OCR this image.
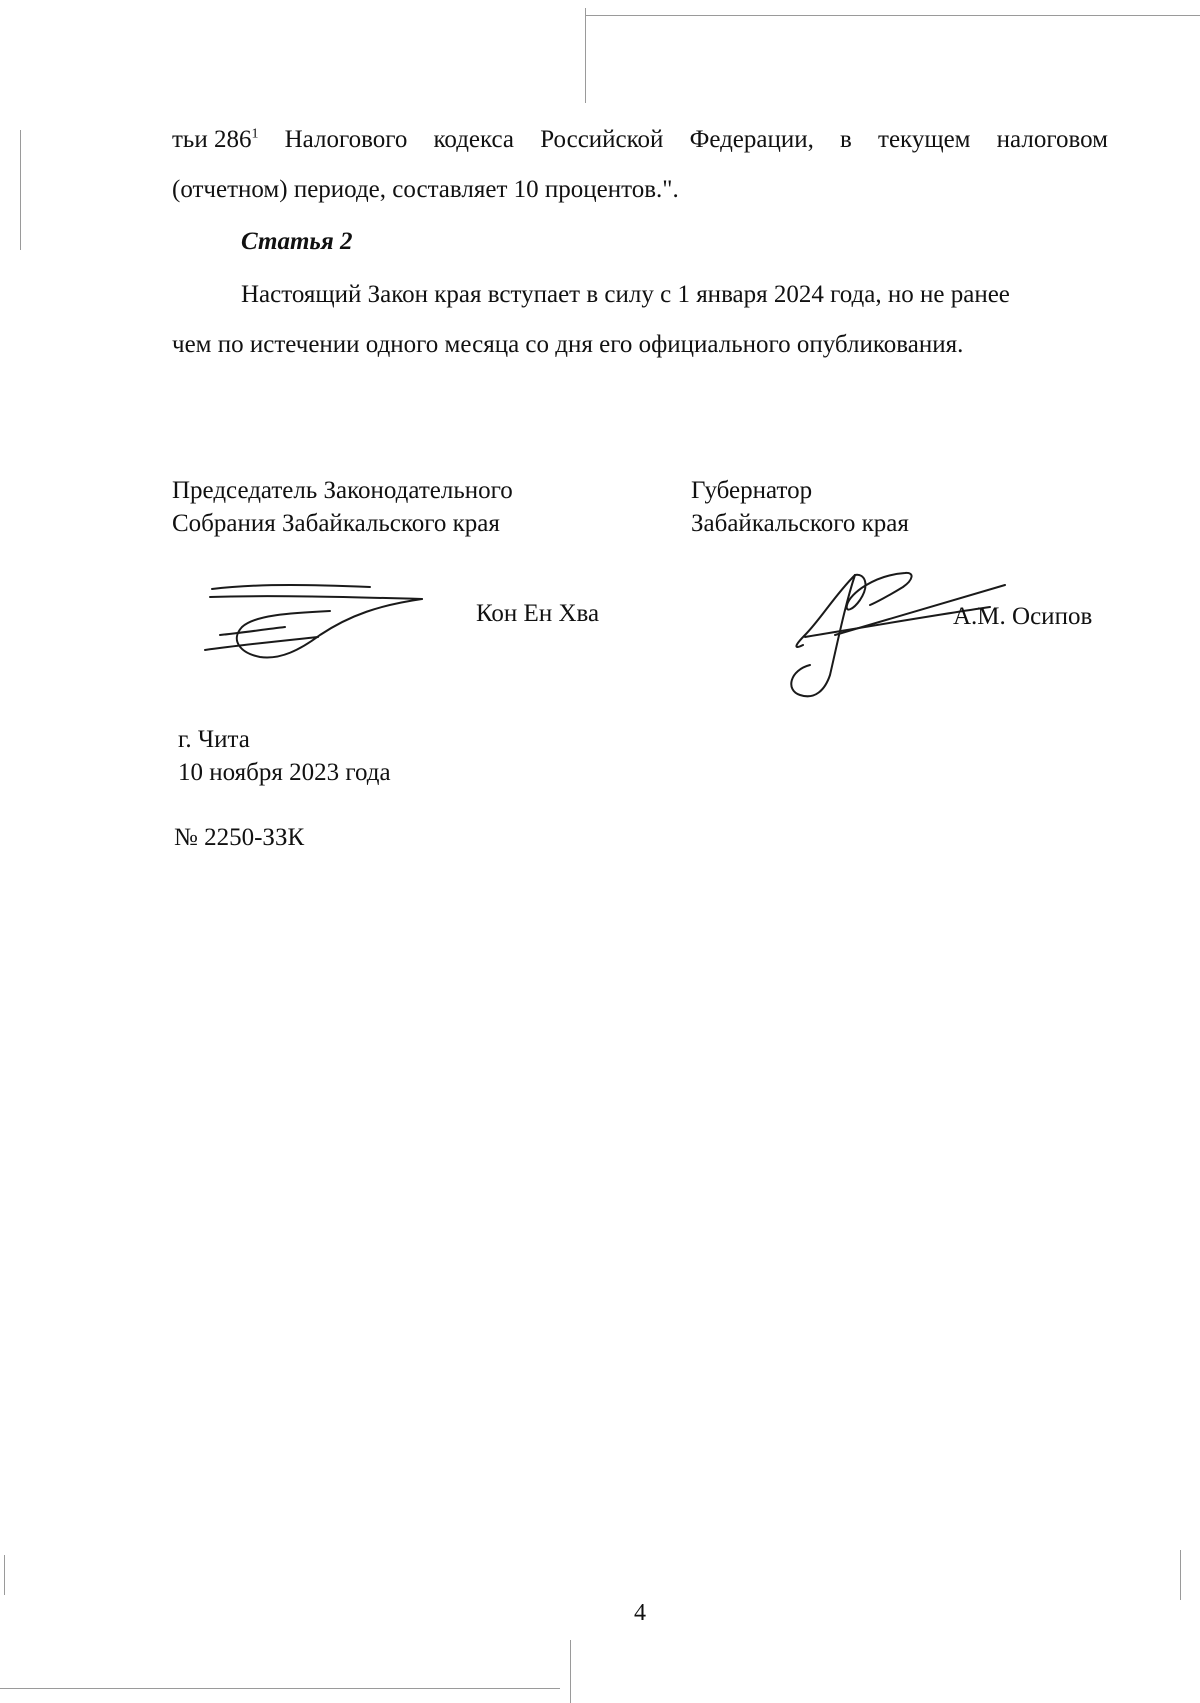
тьи $286^1$ Налогового кодекса Российской Федерации, в текущем налоговом
(отчетном) периоде, составляет 10 процентов.".
Статья 2
Настоящий Закон края вступает в силу с 1 января 2024 года, но не ранее
чем по истечении одного месяца со дня его официального опубликования.
Председатель Законодательного
Собрания Забайкальского края
Губернатор
Забайкальского края
Кон Ен Хва	А.М. Осипов
г. Чита
10 ноября 2023 года
№ 2250-ЗЗК
4
